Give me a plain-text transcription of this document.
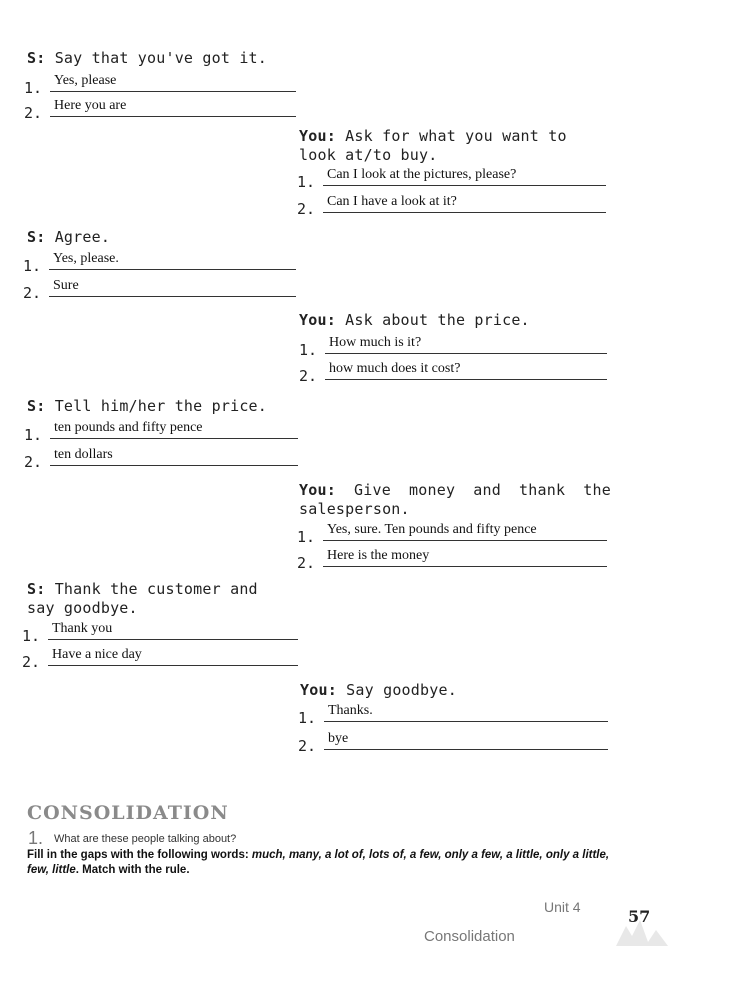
S: Say that you've got it.
1. Yes, please
2. Here you are
You: Ask for what you want to look at/to buy.
1. Can I look at the pictures, please?
2. Can I have a look at it?
S: Agree.
1. Yes, please.
2. Sure
You: Ask about the price.
1. How much is it?
2. how much does it cost?
S: Tell him/her the price.
1. ten pounds and fifty pence
2. ten dollars
You: Give money and thank the salesperson.
1. Yes, sure. Ten pounds and fifty pence
2. Here is the money
S: Thank the customer and say goodbye.
1. Thank you
2. Have a nice day
You: Say goodbye.
1. Thanks.
2. bye
CONSOLIDATION
1. What are these people talking about?
Fill in the gaps with the following words: much, many, a lot of, lots of, a few, only a few, a little, only a little, few, little. Match with the rule.
Unit 4
Consolidation
57
